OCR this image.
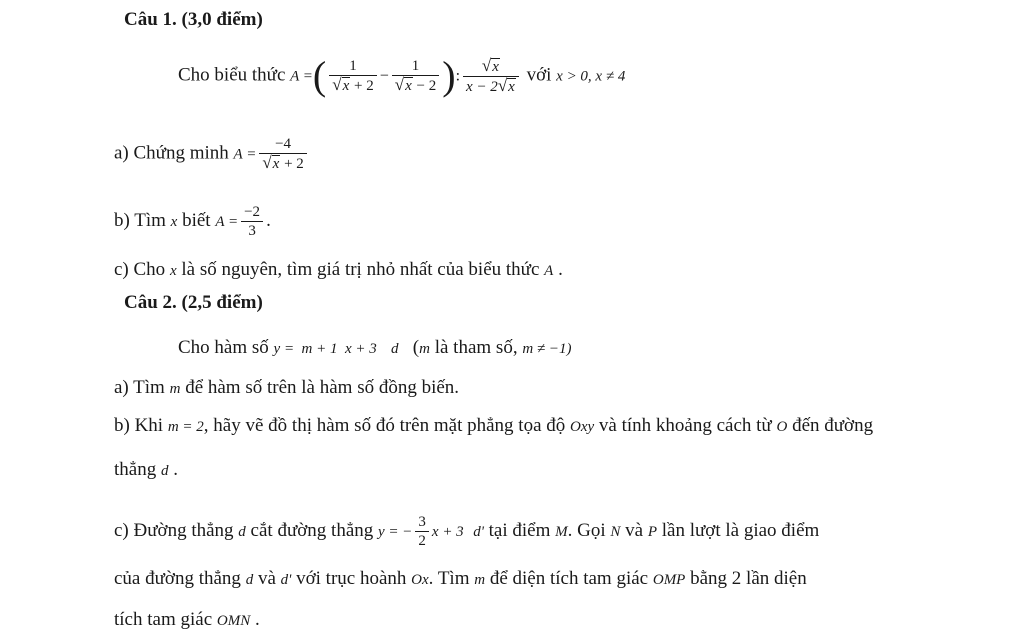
Câu 1. (3,0 điểm)
Cho biểu thức A =( $\frac{1}{√x + 2} - \frac{1}{√x - 2}$ ): $\frac{√x}{x - 2√x}$ với x > 0, x ≠ 4
a) Chứng minh $A = \frac{-4}{√x + 2}$
b) Tìm x biết $A = \frac{-2}{3}$ .
c) Cho x là số nguyên, tìm giá trị nhỏ nhất của biểu thức A .
Câu 2. (2,5 điểm)
Cho hàm số y =  m + 1  x + 3 d (m là tham số, m ≠ −1)
a) Tìm m để hàm số trên là hàm số đồng biến.
b) Khi m = 2, hãy vẽ đồ thị hàm số đó trên mặt phẳng tọa độ Oxy và tính khoảng cách từ O đến đường
thẳng d .
c) Đường thẳng d cắt đường thẳng y = − $\frac{3}{2}$ x + 3 d' tại điểm M. Gọi N và P lần lượt là giao điểm
của đường thẳng d và d' với trục hoành Ox. Tìm m để diện tích tam giác OMP bằng 2 lần diện
tích tam giác OMN .
